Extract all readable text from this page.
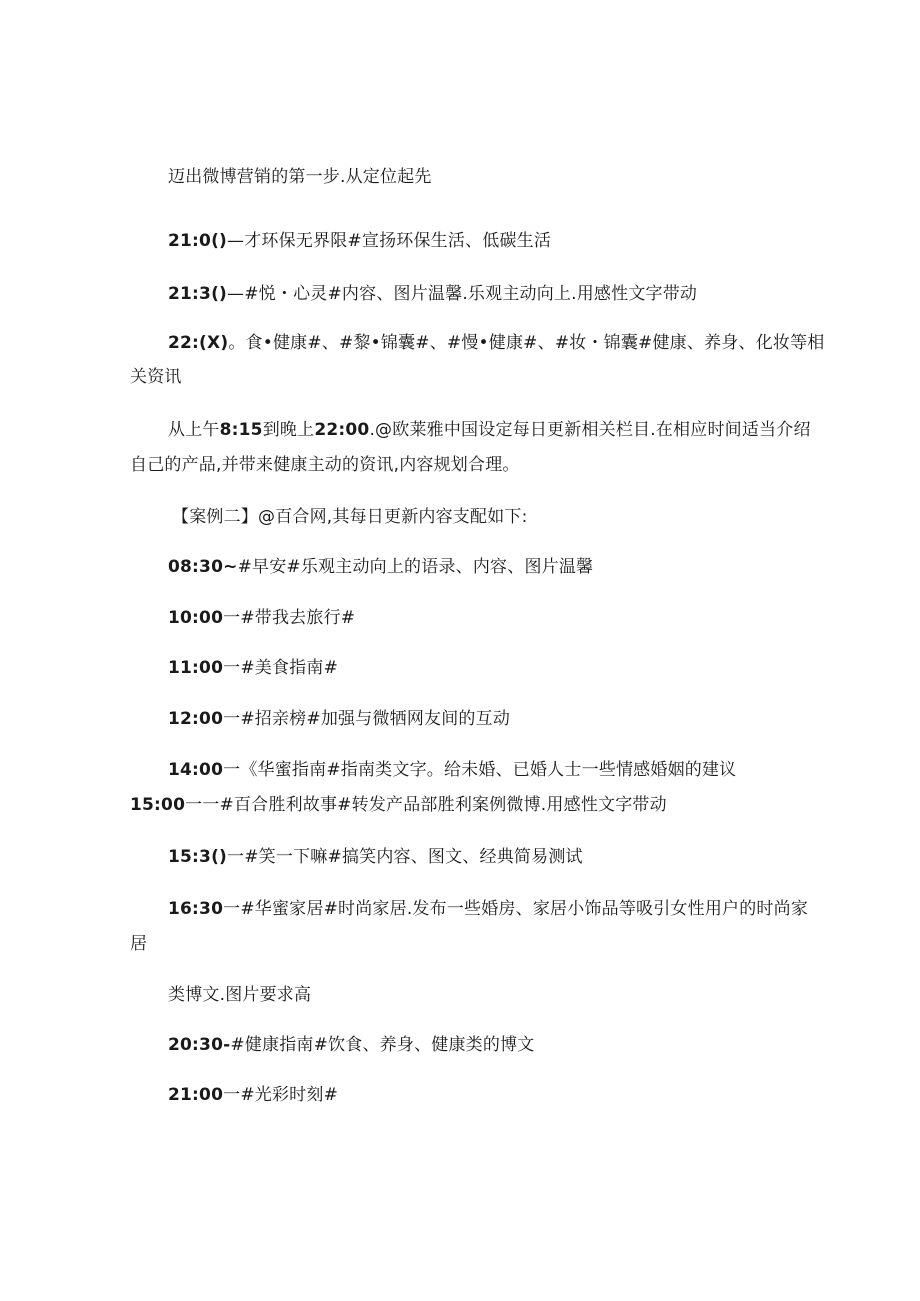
迈出微博营销的第一步.从定位起先
21:0()—才环保无界限#宣扬环保生活、低碳生活
21:3()—#悦・心灵#内容、图片温馨.乐观主动向上.用感性文字带动
22:(X)。食•健康#、#黎•锦囊#、#慢•健康#、#妆・锦囊#健康、养身、化妆等相
关资讯
从上午8:15到晚上22:00.@欧莱雅中国设定每日更新相关栏目.在相应时间适当介绍
自己的产品,并带来健康主动的资讯,内容规划合理。
【案例二】@百合网,其每日更新内容支配如下:
08:30~#早安#乐观主动向上的语录、内容、图片温馨
10:00一#带我去旅行#
11:00一#美食指南#
12:00一#招亲榜#加强与微牺网友间的互动
14:00一《华蜜指南#指南类文字。给未婚、已婚人士一些情感婚姻的建议
15:00一一#百合胜利故事#转发产品部胜利案例微博.用感性文字带动
15:3()一#笑一下嘛#搞笑内容、图文、经典简易测试
16:30一#华蜜家居#时尚家居.发布一些婚房、家居小饰品等吸引女性用户的时尚家
居
类博文.图片要求高
20:30-#健康指南#饮食、养身、健康类的博文
21:00一#光彩时刻#
